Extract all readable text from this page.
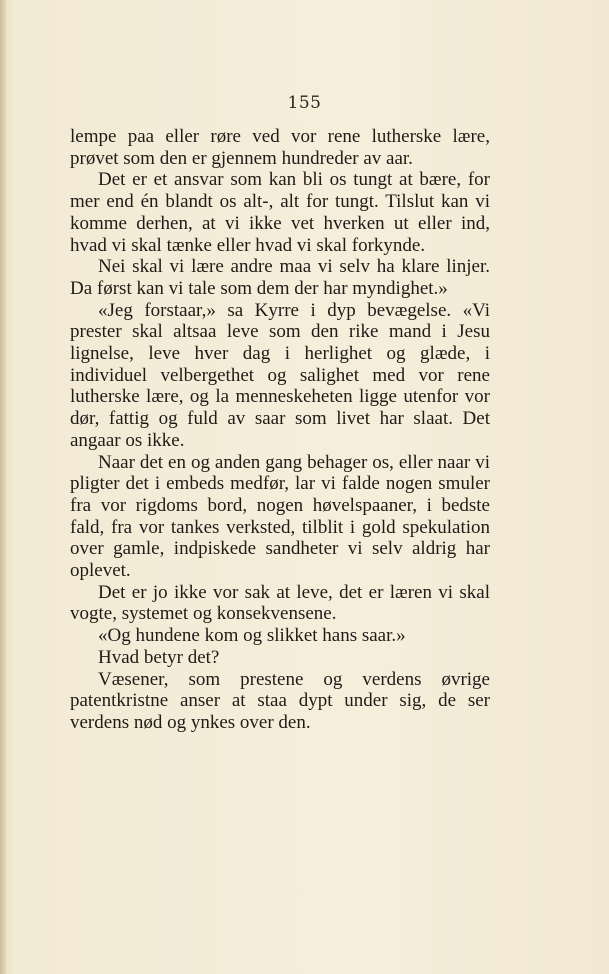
155

lempe paa eller røre ved vor rene lutherske lære, prøvet som den er gjennem hundreder av aar.

Det er et ansvar som kan bli os tungt at bære, for mer end én blandt os alt-, alt for tungt. Tilslut kan vi komme derhen, at vi ikke vet hverken ut eller ind, hvad vi skal tænke eller hvad vi skal forkynde.

Nei skal vi lære andre maa vi selv ha klare linjer. Da først kan vi tale som dem der har myndighet.»

«Jeg forstaar,» sa Kyrre i dyp bevægelse. «Vi prester skal altsaa leve som den rike mand i Jesu lignelse, leve hver dag i herlighet og glæde, i individuel velbergethet og salighet med vor rene lutherske lære, og la menneskeheten ligge utenfor vor dør, fattig og fuld av saar som livet har slaat. Det angaar os ikke.

Naar det en og anden gang behager os, eller naar vi pligter det i embeds medfør, lar vi falde nogen smuler fra vor rigdoms bord, nogen høvelspaaner, i bedste fald, fra vor tankes verksted, tilblit i gold spekulation over gamle, indpiskede sandheter vi selv aldrig har oplevet.

Det er jo ikke vor sak at leve, det er læren vi skal vogte, systemet og konsekvensene.

«Og hundene kom og slikket hans saar.»

Hvad betyr det?

Væsener, som prestene og verdens øvrige patentkristne anser at staa dypt under sig, de ser verdens nød og ynkes over den.
